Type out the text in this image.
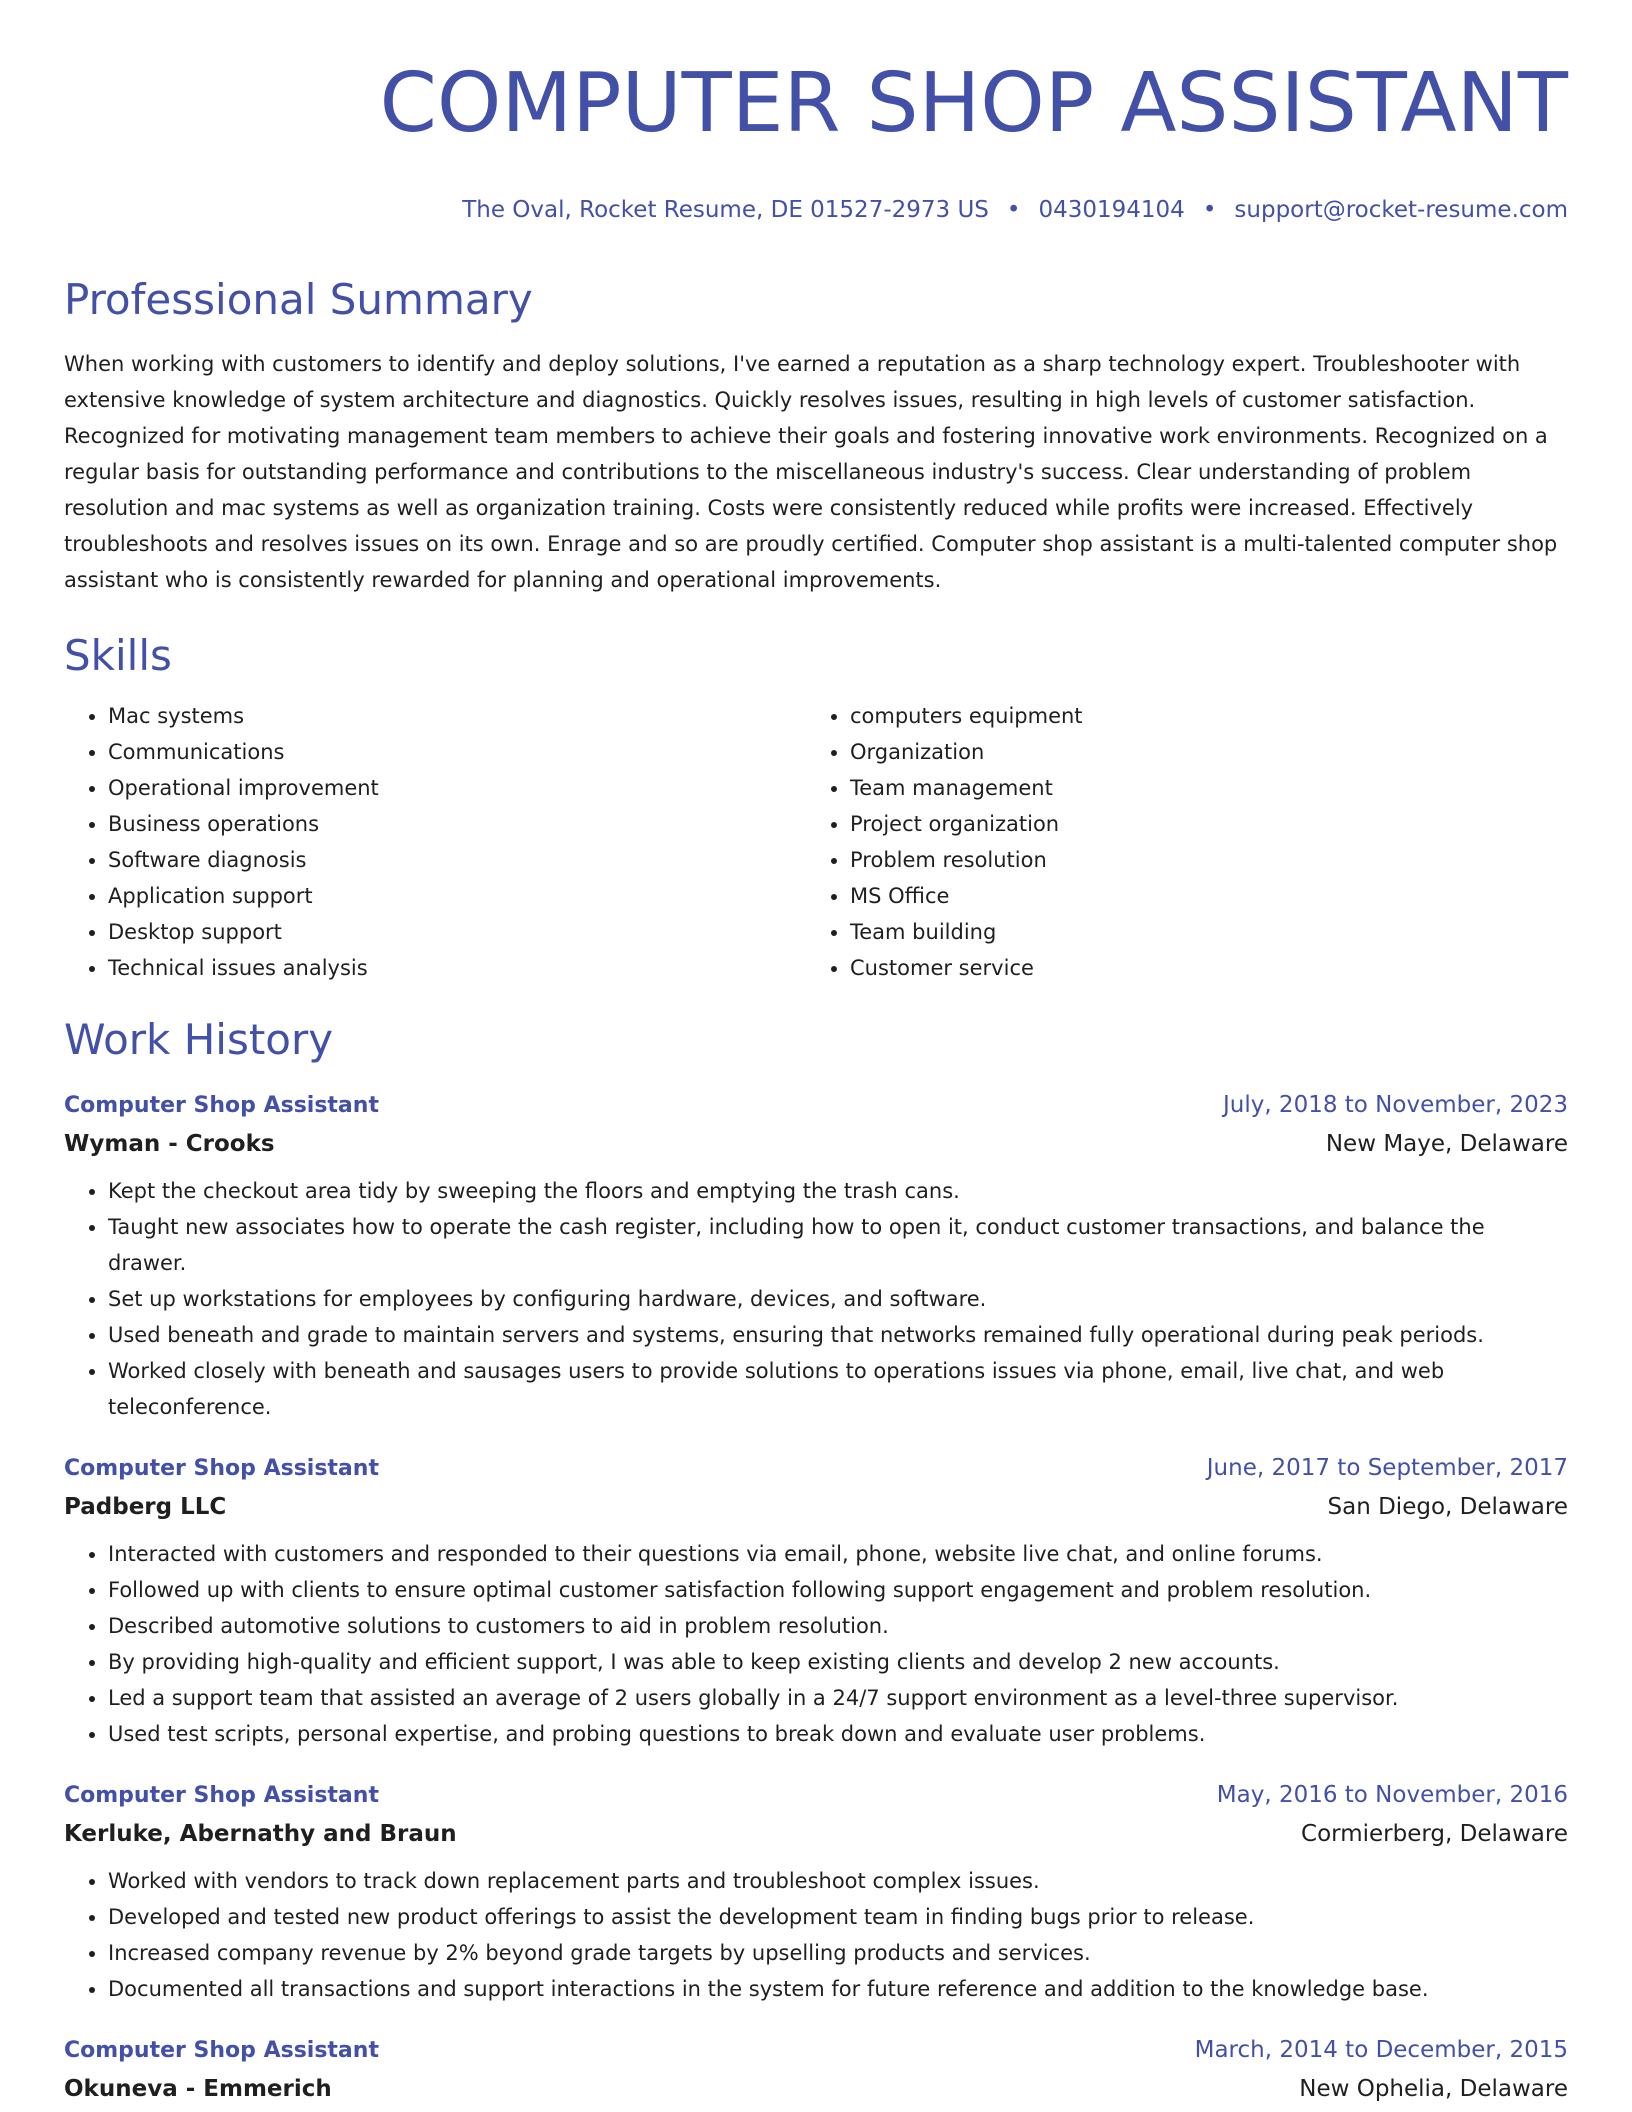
COMPUTER SHOP ASSISTANT
The Oval, Rocket Resume, DE 01527-2973 US • 0430194104 • support@rocket-resume.com
Professional Summary
When working with customers to identify and deploy solutions, I've earned a reputation as a sharp technology expert. Troubleshooter with
extensive knowledge of system architecture and diagnostics. Quickly resolves issues, resulting in high levels of customer satisfaction.
Recognized for motivating management team members to achieve their goals and fostering innovative work environments. Recognized on a
regular basis for outstanding performance and contributions to the miscellaneous industry's success. Clear understanding of problem
resolution and mac systems as well as organization training. Costs were consistently reduced while profits were increased. Effectively
troubleshoots and resolves issues on its own. Enrage and so are proudly certified. Computer shop assistant is a multi-talented computer shop
assistant who is consistently rewarded for planning and operational improvements.
Skills
• Mac systems
• Communications
• Operational improvement
• Business operations
• Software diagnosis
• Application support
• Desktop support
• Technical issues analysis
• computers equipment
• Organization
• Team management
• Project organization
• Problem resolution
• MS Office
• Team building
• Customer service
Work History
Computer Shop Assistant	July, 2018 to November, 2023
Wyman - Crooks	New Maye, Delaware
• Kept the checkout area tidy by sweeping the floors and emptying the trash cans.
• Taught new associates how to operate the cash register, including how to open it, conduct customer transactions, and balance the drawer.
• Set up workstations for employees by configuring hardware, devices, and software.
• Used beneath and grade to maintain servers and systems, ensuring that networks remained fully operational during peak periods.
• Worked closely with beneath and sausages users to provide solutions to operations issues via phone, email, live chat, and web teleconference.
Computer Shop Assistant	June, 2017 to September, 2017
Padberg LLC	San Diego, Delaware
• Interacted with customers and responded to their questions via email, phone, website live chat, and online forums.
• Followed up with clients to ensure optimal customer satisfaction following support engagement and problem resolution.
• Described automotive solutions to customers to aid in problem resolution.
• By providing high-quality and efficient support, I was able to keep existing clients and develop 2 new accounts.
• Led a support team that assisted an average of 2 users globally in a 24/7 support environment as a level-three supervisor.
• Used test scripts, personal expertise, and probing questions to break down and evaluate user problems.
Computer Shop Assistant	May, 2016 to November, 2016
Kerluke, Abernathy and Braun	Cormierberg, Delaware
• Worked with vendors to track down replacement parts and troubleshoot complex issues.
• Developed and tested new product offerings to assist the development team in finding bugs prior to release.
• Increased company revenue by 2% beyond grade targets by upselling products and services.
• Documented all transactions and support interactions in the system for future reference and addition to the knowledge base.
Computer Shop Assistant	March, 2014 to December, 2015
Okuneva - Emmerich	New Ophelia, Delaware
